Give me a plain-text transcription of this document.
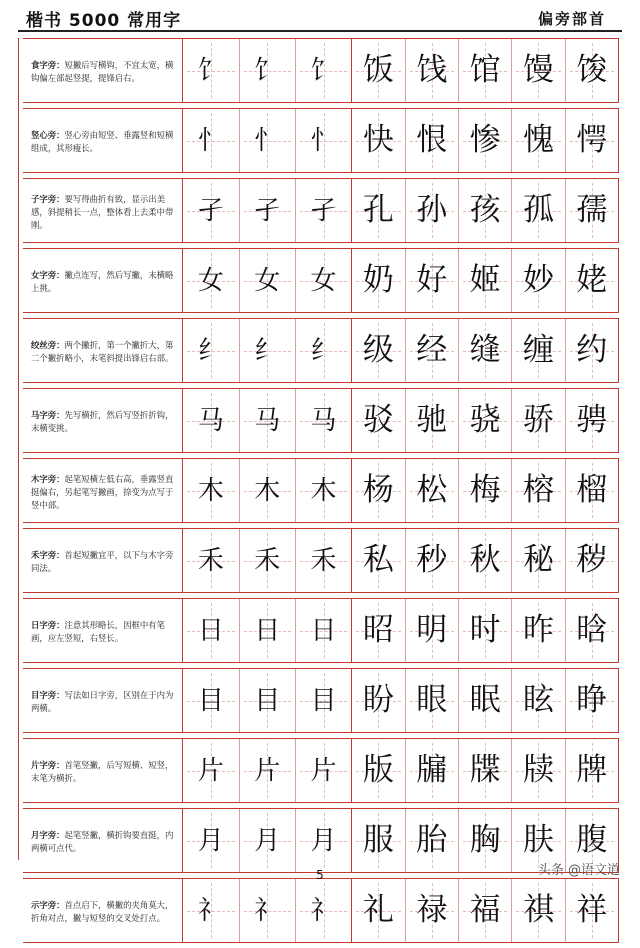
楷书 5000 常用字	偏旁部首
食字旁：短撇后写横钩，不宜太宽，横钩偏左部起竖提，提锋启右。	饣 饣 饣 饭 饯 馆 馒 馂
竖心旁：竖心旁由短竖、垂露竖和短横组成，其形瘦长。	忄 忄 忄 快 恨 惨 愧 愕
子字旁：要写得曲折有致，显示出美感，斜提稍长一点，整体看上去柔中带刚。	孑 孑 孑 孔 孙 孩 孤 孺
女字旁：撇点连写，然后写撇，末横略上挑。	女 女 女 奶 好 姬 妙 姥
绞丝旁：两个撇折，第一个撇折大，第二个撇折略小，末笔斜提出锋启右部。 纟 纟 纟 级 经 缝 缠 约
马字旁：先写横折，然后写竖折折钩，末横变挑。	马 马 马 驳 驰 骁 骄 骋
木字旁：起笔短横左低右高，垂露竖直挺偏右，另起笔写撇画，捺变为点写于竖中部。	木 木 木 杨 松 梅 榕 榴
禾字旁：首起短撇宜平，以下与木字旁同法。	禾 禾 禾 私 秒 秋 秘 秽
日字旁：注意其形略长，因框中有笔画，应左竖短，右竖长。	日 日 日 昭 明 时 昨 晗
目字旁：写法如日字旁，区别在于内为两横。	目 目 目 盼 眼 眠 眩 睁
片字旁：首笔竖撇，后写短横、短竖，末笔为横折。	片 片 片 版 牖 牒 牍 牌
月字旁：起笔竖撇，横折钩要直挺，内两横可点代。	月 月 月 服 胎 胸 肤 腹
示字旁：首点启下，横撇的夹角莫大，折角对点，撇与短竖的交叉处打点。	礻 礻 礻 礼 禄 福 祺 祥
5	头条 @语文道
